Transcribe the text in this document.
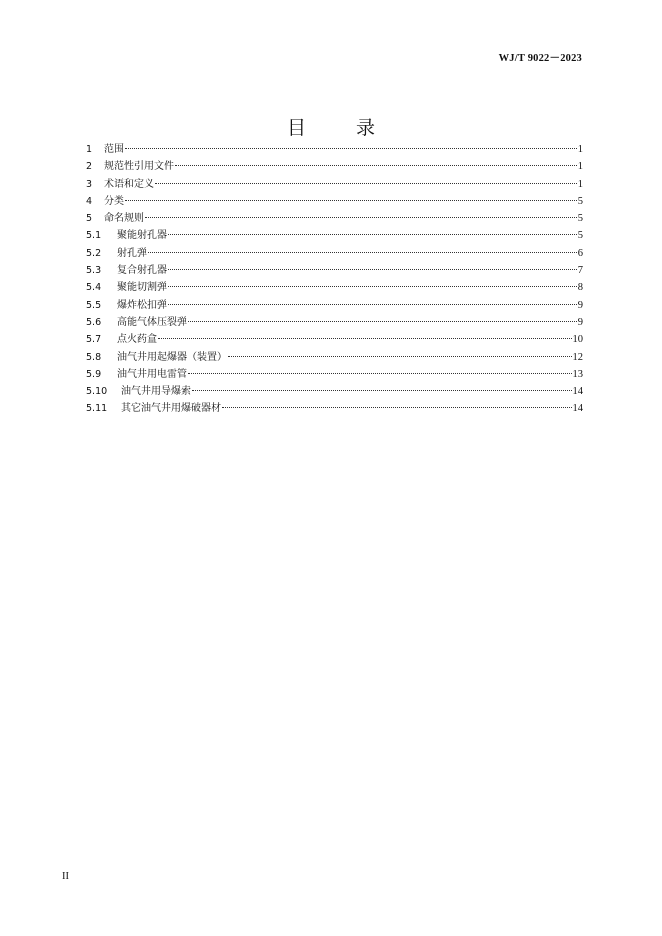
WJ/T 9022－2023
目 录
1	范围	1
2	规范性引用文件	1
3	术语和定义	1
4	分类	5
5	命名规则	5
5.1	聚能射孔器	5
5.2	射孔弹	6
5.3	复合射孔器	7
5.4	聚能切割弹	8
5.5	爆炸松扣弹	9
5.6	高能气体压裂弹	9
5.7	点火药盒	10
5.8	油气井用起爆器（装置）	12
5.9	油气井用电雷管	13
5.10	油气井用导爆索	14
5.11	其它油气井用爆破器材	14
II
